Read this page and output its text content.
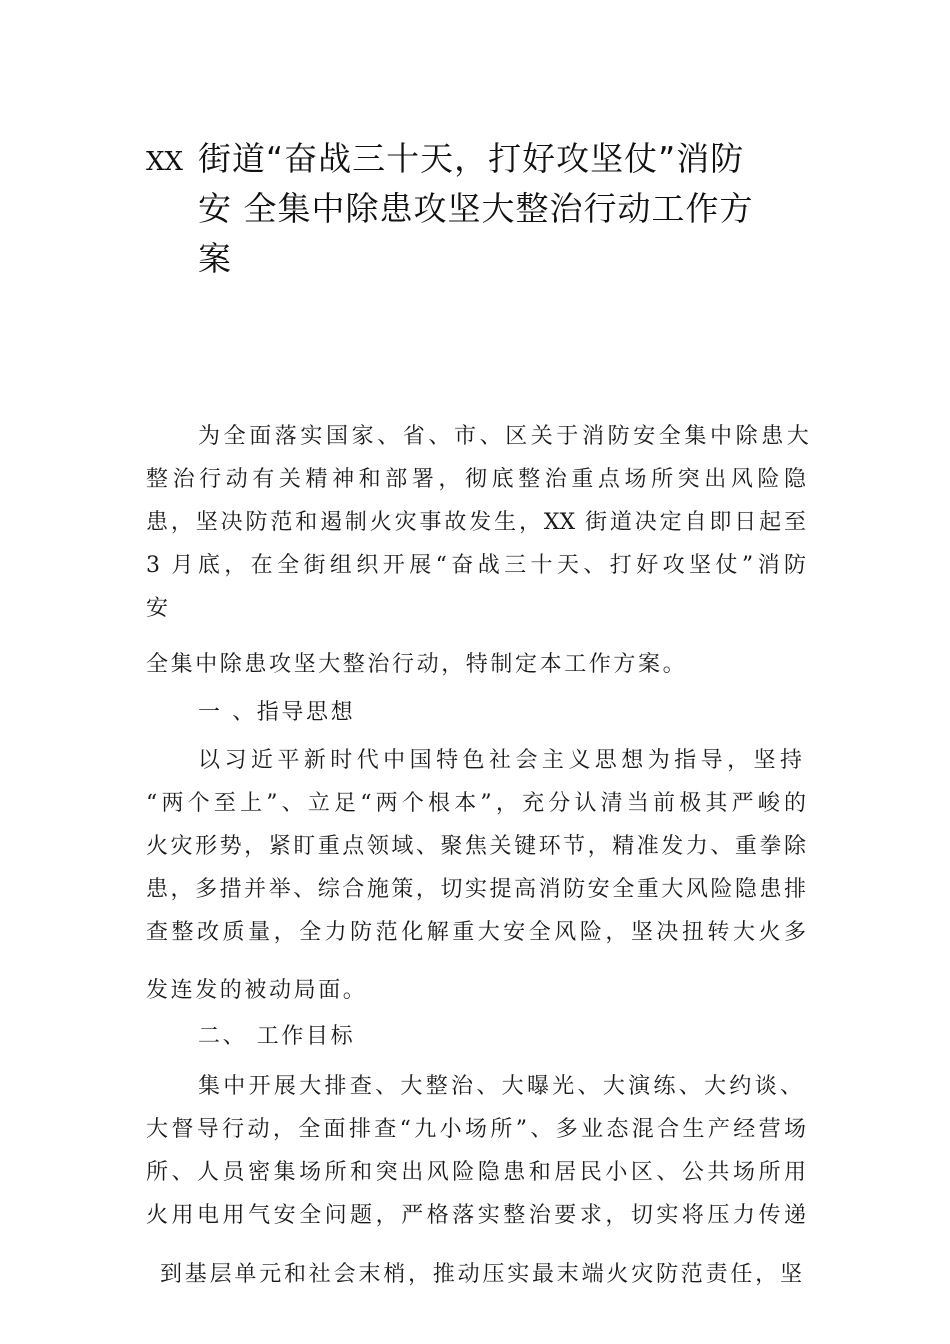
XX 街道“奋战三十天，打好攻坚仗”消防
安 全集中除患攻坚大整治行动工作方
案
为全面落实国家、省、市、区关于消防安全集中除患大
整治行动有关精神和部署，彻底整治重点场所突出风险隐
患，坚决防范和遏制火灾事故发生，XX 街道决定自即日起至
3 月底，在全街组织开展“奋战三十天、打好攻坚仗”消防
安
全集中除患攻坚大整治行动，特制定本工作方案。
一 、指导思想
以习近平新时代中国特色社会主义思想为指导，坚持
“两个至上”、立足“两个根本”，充分认清当前极其严峻的
火灾形势，紧盯重点领域、聚焦关键环节，精准发力、重拳除
患，多措并举、综合施策，切实提高消防安全重大风险隐患排
查整改质量，全力防范化解重大安全风险，坚决扭转大火多
发连发的被动局面。
二、 工作目标
集中开展大排查、大整治、大曝光、大演练、大约谈、
大督导行动，全面排查“九小场所”、多业态混合生产经营场
所、人员密集场所和突出风险隐患和居民小区、公共场所用
火用电用气安全问题，严格落实整治要求，切实将压力传递
到基层单元和社会末梢，推动压实最末端火灾防范责任，坚
